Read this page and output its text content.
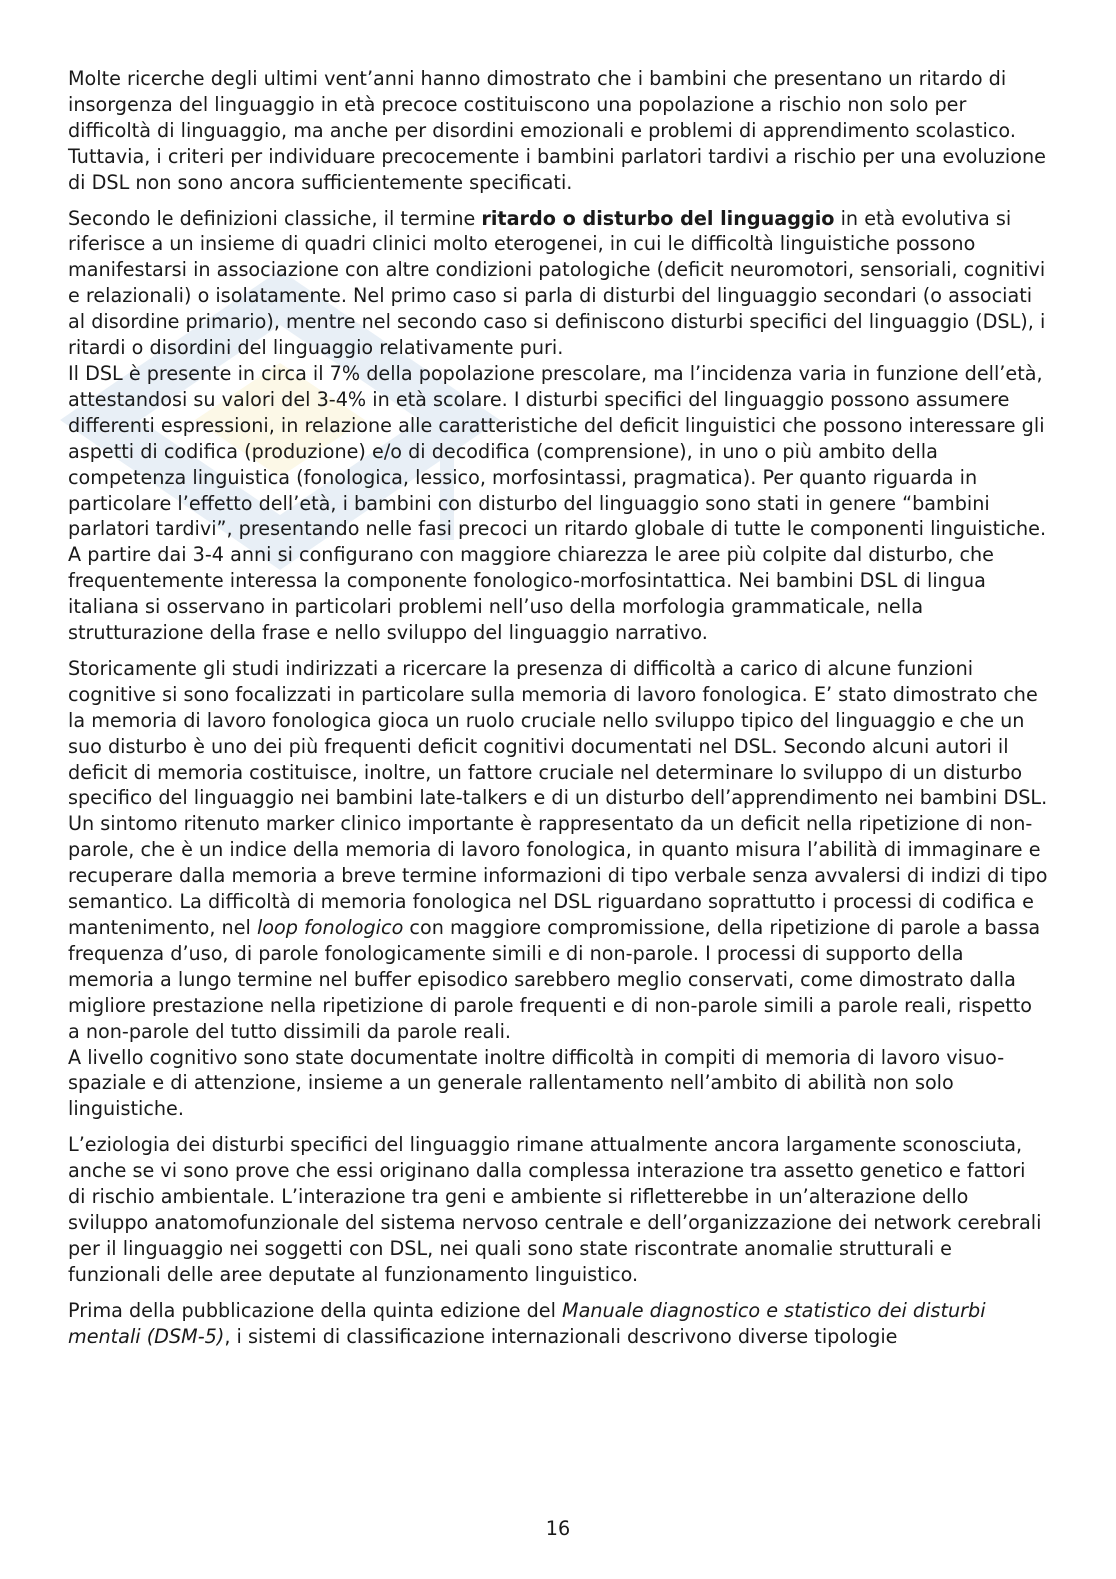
Molte ricerche degli ultimi vent’anni hanno dimostrato che i bambini che presentano un ritardo di insorgenza del linguaggio in età precoce costituiscono una popolazione a rischio non solo per difficoltà di linguaggio, ma anche per disordini emozionali e problemi di apprendimento scolastico. Tuttavia, i criteri per individuare precocemente i bambini parlatori tardivi a rischio per una evoluzione di DSL non sono ancora sufficientemente specificati.

Secondo le definizioni classiche, il termine ritardo o disturbo del linguaggio in età evolutiva si riferisce a un insieme di quadri clinici molto eterogenei, in cui le difficoltà linguistiche possono manifestarsi in associazione con altre condizioni patologiche (deficit neuromotori, sensoriali, cognitivi e relazionali) o isolatamente. Nel primo caso si parla di disturbi del linguaggio secondari (o associati al disordine primario), mentre nel secondo caso si definiscono disturbi specifici del linguaggio (DSL), i ritardi o disordini del linguaggio relativamente puri.

Il DSL è presente in circa il 7% della popolazione prescolare, ma l’incidenza varia in funzione dell’età, attestandosi su valori del 3-4% in età scolare. I disturbi specifici del linguaggio possono assumere differenti espressioni, in relazione alle caratteristiche del deficit linguistici che possono interessare gli aspetti di codifica (produzione) e/o di decodifica (comprensione), in uno o più ambito della competenza linguistica (fonologica, lessico, morfosintassi, pragmatica). Per quanto riguarda in particolare l’effetto dell’età, i bambini con disturbo del linguaggio sono stati in genere “bambini parlatori tardivi”, presentando nelle fasi precoci un ritardo globale di tutte le componenti linguistiche. A partire dai 3-4 anni si configurano con maggiore chiarezza le aree più colpite dal disturbo, che frequentemente interessa la componente fonologico-morfosintattica. Nei bambini DSL di lingua italiana si osservano in particolari problemi nell’uso della morfologia grammaticale, nella strutturazione della frase e nello sviluppo del linguaggio narrativo.

Storicamente gli studi indirizzati a ricercare la presenza di difficoltà a carico di alcune funzioni cognitive si sono focalizzati in particolare sulla memoria di lavoro fonologica. E’ stato dimostrato che la memoria di lavoro fonologica gioca un ruolo cruciale nello sviluppo tipico del linguaggio e che un suo disturbo è uno dei più frequenti deficit cognitivi documentati nel DSL. Secondo alcuni autori il deficit di memoria costituisce, inoltre, un fattore cruciale nel determinare lo sviluppo di un disturbo specifico del linguaggio nei bambini late-talkers e di un disturbo dell’apprendimento nei bambini DSL.

Un sintomo ritenuto marker clinico importante è rappresentato da un deficit nella ripetizione di non-parole, che è un indice della memoria di lavoro fonologica, in quanto misura l’abilità di immaginare e recuperare dalla memoria a breve termine informazioni di tipo verbale senza avvalersi di indizi di tipo semantico. La difficoltà di memoria fonologica nel DSL riguardano soprattutto i processi di codifica e mantenimento, nel loop fonologico con maggiore compromissione, della ripetizione di parole a bassa frequenza d’uso, di parole fonologicamente simili e di non-parole. I processi di supporto della memoria a lungo termine nel buffer episodico sarebbero meglio conservati, come dimostrato dalla migliore prestazione nella ripetizione di parole frequenti e di non-parole simili a parole reali, rispetto a non-parole del tutto dissimili da parole reali.

A livello cognitivo sono state documentate inoltre difficoltà in compiti di memoria di lavoro visuo-spaziale e di attenzione, insieme a un generale rallentamento nell’ambito di abilità non solo linguistiche.

L’eziologia dei disturbi specifici del linguaggio rimane attualmente ancora largamente sconosciuta, anche se vi sono prove che essi originano dalla complessa interazione tra assetto genetico e fattori di rischio ambientale. L’interazione tra geni e ambiente si rifletterebbe in un’alterazione dello sviluppo anatomofunzionale del sistema nervoso centrale e dell’organizzazione dei network cerebrali per il linguaggio nei soggetti con DSL, nei quali sono state riscontrate anomalie strutturali e funzionali delle aree deputate al funzionamento linguistico.

Prima della pubblicazione della quinta edizione del Manuale diagnostico e statistico dei disturbi mentali (DSM-5), i sistemi di classificazione internazionali descrivono diverse tipologie

16
